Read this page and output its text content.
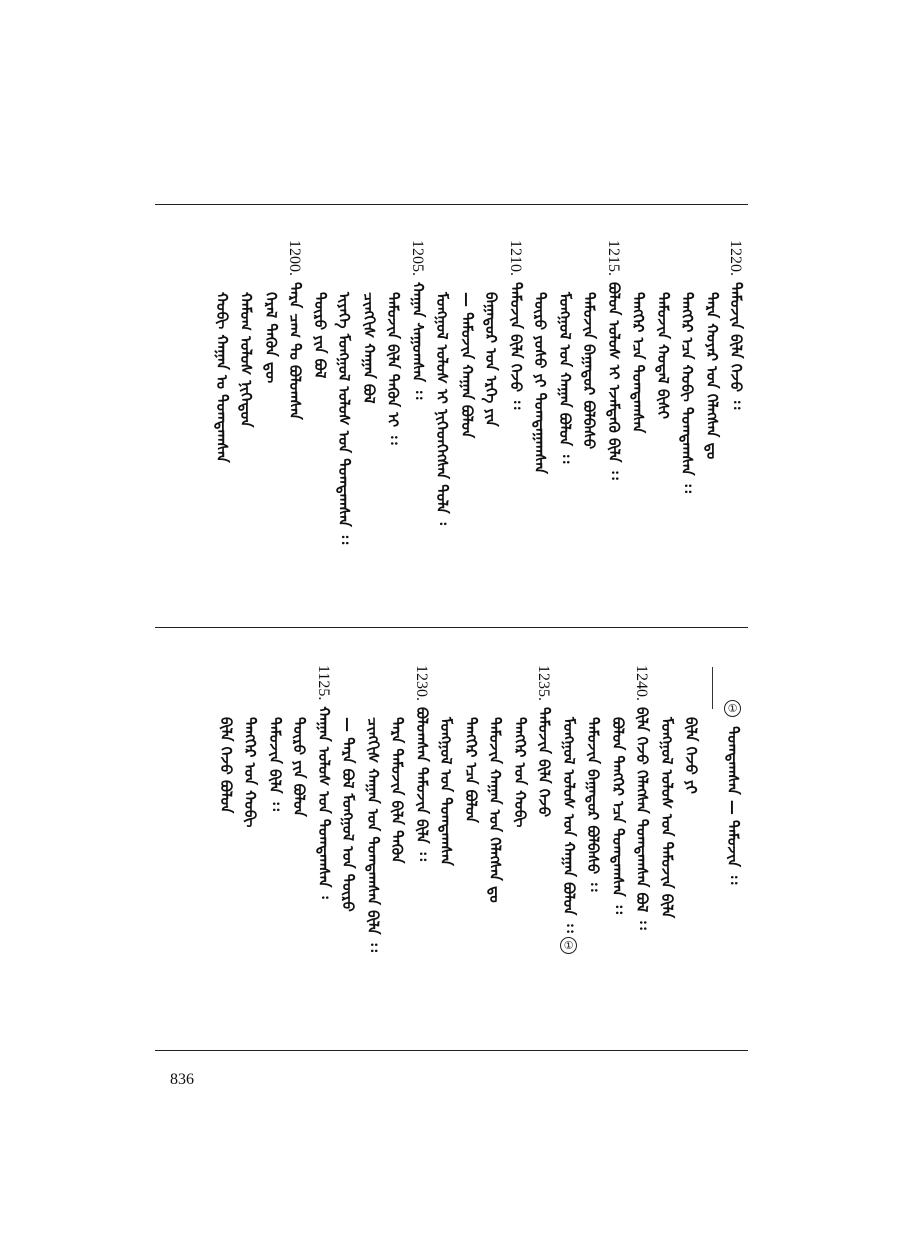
1220.ᠲᠡᠮᠦᠵᠢᠨ ᠪᠢᠯᠡ ᠭᠡᠵᠦ ᠄᠄
ᠲᠡᠷᠡ ᠬᠣᠶᠠᠷ ᠤᠨ ᠬᠡᠯᠡᠭᠰᠡᠨ ᠳᠤ
ᠲᠡᠩᠭᠡᠷ ᠡᠴᠡ ᠬᠤᠪᠢ ᠲᠣᠭᠲᠠᠭᠰᠠᠨ ᠄᠄
ᠲᠡᠮᠦᠵᠢᠨ ᠬᠤᠳᠠᠯ ᠪᠢᠰᠢ
ᠲᠡᠩᠭᠡᠷ ᠡᠴᠡ ᠲᠣᠭᠲᠠᠭᠰᠠᠨ
1215.ᠪᠣᠯᠤᠨ ᠤᠯᠤᠰ ᠢ ᠡᠵᠡᠮᠳᠡᠬᠦ ᠪᠢᠯᠡ ᠄᠄
ᠲᠡᠮᠦᠵᠢᠨ ᠪᠠᠭᠠᠳᠤᠷ ᠪᠣᠯᠪᠠᠰᠤ
ᠮᠣᠩᠭᠣᠯ ᠤᠨ ᠬᠠᠭᠠᠨ ᠪᠣᠯᠤᠨ ᠄᠄
ᠲᠦᠷᠦ ᠶᠣᠰᠣ ᠶᠢ ᠲᠣᠭᠲᠠᠭᠠᠭᠰᠠᠨ
1210.ᠲᠡᠮᠦᠵᠢᠨ ᠪᠢᠯᠡ ᠭᠡᠵᠦ ᠄᠄
ᠪᠠᠭᠠᠳᠤᠷ ᠤᠨ ᠡᠷᠬᠡ ᠶᠢᠨ
— ᠲᠡᠮᠦᠵᠢᠨ ᠬᠠᠭᠠᠨ ᠪᠣᠯᠤᠨ
ᠮᠣᠩᠭᠣᠯ ᠤᠯᠤᠰ ᠢ ᠨᠢᠭᠡᠳᠬᠡᠭᠰᠡᠨ ᠲᠣᠯᠠ ᠄
1205.ᠬᠠᠭᠠᠨ ᠰᠠᠭᠤᠭᠰᠠᠨ ᠄᠄
ᠲᠡᠮᠦᠵᠢᠨ ᠪᠢᠯᠡ ᠲᠡᠭᠦᠨ ᠢ ᠄᠄
ᠴᠢᠩᠭᠢᠰ ᠬᠠᠭᠠᠨ ᠪᠣᠯ
ᠢᠶᠡᠬᠡ ᠮᠣᠩᠭᠣᠯ ᠤᠯᠤᠰ ᠤᠨ ᠲᠣᠭᠲᠠᠭᠰᠠᠨ ᠄᠄
ᠲᠦᠷᠦ ᠶᠢᠨ ᠪᠣᠯ
1200.ᠲᠡᠷᠡ ᠴᠠᠭ ᠲᠤ ᠪᠣᠯᠤᠭᠰᠠᠨ
ᠭᠡᠷᠡᠯ ᠲᠡᠭᠦᠨ ᠳᠦ
ᠬᠠᠮᠤᠭ ᠤᠯᠤᠰ ᠨᠢᠭᠡᠳᠦᠨ
ᠬᠤᠪᠢ ᠬᠠᠭᠠᠨ ᠤ ᠲᠣᠭᠲᠠᠭᠰᠠᠨ
ᠪᠢᠯᠡ ᠭᠡᠵᠦ ᠶᠢ
ᠮᠣᠩᠭᠣᠯ ᠤᠯᠤᠰ ᠤᠨ ᠲᠡᠮᠦᠵᠢᠨ ᠪᠢᠯᠡ
1240.ᠪᠢᠯᠡ ᠭᠡᠵᠦ ᠬᠡᠯᠡᠭᠰᠡᠨ ᠲᠣᠭᠲᠠᠭᠰᠠᠨ ᠪᠣᠯ ᠄᠄
ᠪᠣᠯᠤᠨ ᠲᠡᠩᠭᠡᠷ ᠡᠴᠡ ᠲᠣᠭᠲᠠᠭᠰᠠᠨ ᠄᠄
ᠲᠡᠮᠦᠵᠢᠨ ᠪᠠᠭᠠᠳᠤᠷ ᠪᠣᠯᠪᠠᠰᠤ ᠄᠄
ᠮᠣᠩᠭᠣᠯ ᠤᠯᠤᠰ ᠤᠨ ᠬᠠᠭᠠᠨ ᠪᠣᠯᠤᠨ ᠄᠄①
1235.ᠲᠡᠮᠦᠵᠢᠨ ᠪᠢᠯᠡ ᠭᠡᠵᠦ
ᠲᠡᠩᠭᠡᠷ ᠤᠨ ᠬᠤᠪᠢ
ᠲᠡᠮᠦᠵᠢᠨ ᠬᠠᠭᠠᠨ ᠤᠨ ᠬᠡᠯᠡᠭᠰᠡᠨ ᠳᠤ
ᠲᠡᠩᠭᠡᠷ ᠡᠴᠡ ᠪᠣᠯᠤᠨ
ᠮᠣᠩᠭᠣᠯ ᠤᠨ ᠲᠣᠭᠲᠠᠭᠰᠠᠨ
1230.ᠪᠣᠯᠣᠭᠰᠠᠨ ᠲᠡᠮᠦᠵᠢᠨ ᠪᠢᠯᠡ ᠄᠄
ᠲᠡᠷᠡ ᠲᠡᠮᠦᠵᠢᠨ ᠪᠢᠯᠡ ᠲᠡᠭᠦᠨ
ᠴᠢᠩᠭᠢᠰ ᠬᠠᠭᠠᠨ ᠤᠨ ᠲᠣᠭᠲᠠᠭᠰᠠᠨ ᠪᠢᠯᠡ ᠄᠄
— ᠲᠡᠷᠡ ᠪᠣᠯ ᠮᠣᠩᠭᠣᠯ ᠤᠨ ᠲᠦᠷᠦ
1125.ᠬᠠᠭᠠᠨ ᠤᠯᠤᠰ ᠤᠨ ᠲᠣᠭᠲᠠᠭᠰᠠᠨ ᠄
ᠲᠦᠷᠦ ᠶᠢᠨ ᠪᠣᠯᠤᠨ
ᠲᠡᠮᠦᠵᠢᠨ ᠪᠢᠯᠡ ᠄᠄
ᠲᠡᠩᠭᠡᠷ ᠤᠨ ᠬᠤᠪᠢ
ᠪᠢᠯᠡ ᠭᠡᠵᠦ ᠪᠣᠯᠤᠨ
① ᠲᠣᠭᠲᠠᠭᠰᠠᠨ — ᠲᠡᠮᠦᠵᠢᠨ ᠄᠄
836
